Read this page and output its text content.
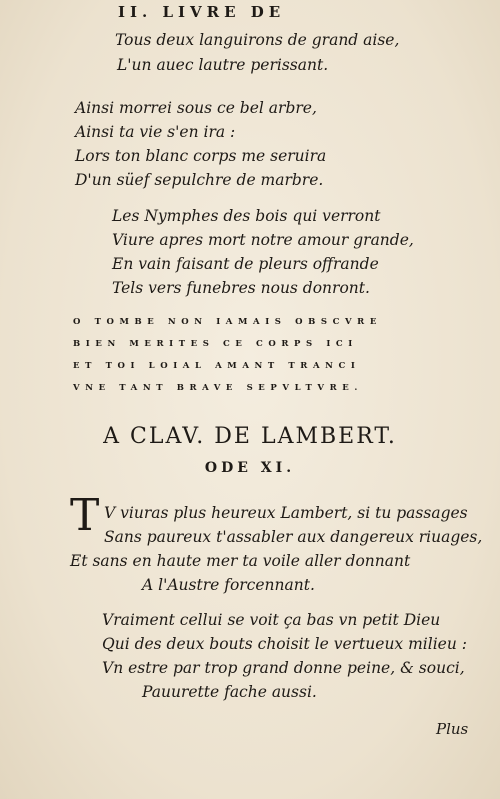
II. LIVRE DE
Tous deux languirons de grand aise,
L'un auec lautre perissant.
Ainsi morrei sous ce bel arbre,
Ainsi ta vie s'en ira :
Lors ton blanc corps me seruira
D'un süef sepulchre de marbre.
Les Nymphes des bois qui verront
Viure apres mort notre amour grande,
En vain faisant de pleurs offrande
Tels vers funebres nous donront.
O TOMBE NON IAMAIS OBSCVRE
BIEN MERITES CE CORPS ICI
ET TOI LOIAL AMANT TRANCI
VNE TANT BRAVE SEPVLTVRE.
A CLAV. DE LAMBERT.
ODE XI.
T V viuras plus heureux Lambert, si tu passages
Sans paureux t'assabler aux dangereux riuages,
Et sans en haute mer ta voile aller donnant
A l'Austre forcennant.
Vraiment cellui se voit ça bas vn petit Dieu
Qui des deux bouts choisit le vertueux milieu :
Vn estre par trop grand donne peine, & souci,
Pauurette fache aussi.
Plus
